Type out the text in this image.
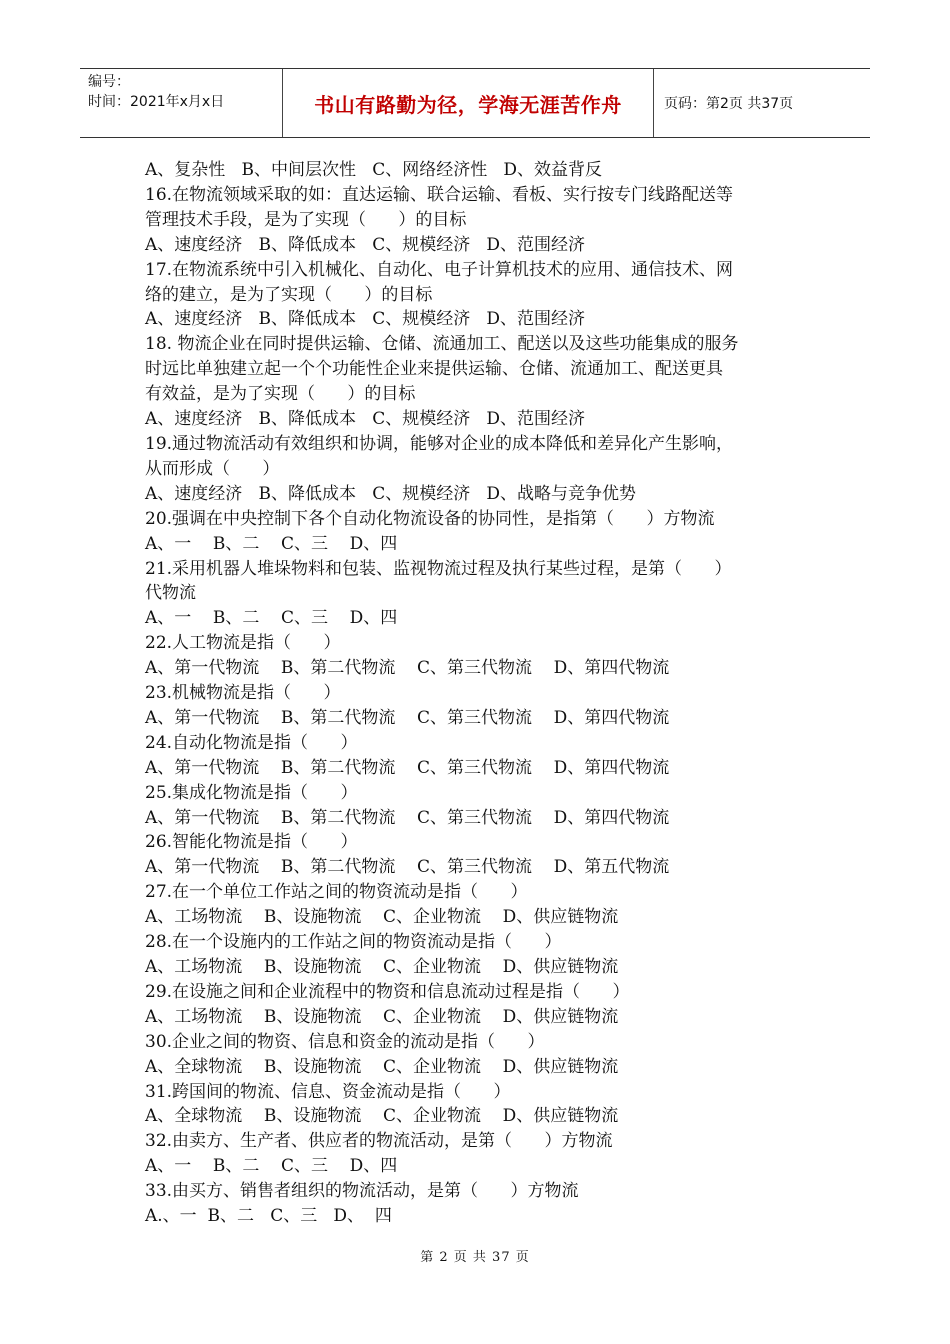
编号：
时间：2021年x月x日	书山有路勤为径，学海无涯苦作舟	页码：第2页 共37页
A、复杂性   B、中间层次性   C、网络经济性   D、效益背反
16.在物流领域采取的如：直达运输、联合运输、看板、实行按专门线路配送等
管理技术手段，是为了实现（      ）的目标
A、速度经济   B、降低成本   C、规模经济   D、范围经济
17.在物流系统中引入机械化、自动化、电子计算机技术的应用、通信技术、网
络的建立，是为了实现（      ）的目标
A、速度经济   B、降低成本   C、规模经济   D、范围经济
18. 物流企业在同时提供运输、仓储、流通加工、配送以及这些功能集成的服务
时远比单独建立起一个个功能性企业来提供运输、仓储、流通加工、配送更具
有效益，是为了实现（      ）的目标
A、速度经济   B、降低成本   C、规模经济   D、范围经济
19.通过物流活动有效组织和协调，能够对企业的成本降低和差异化产生影响，
从而形成（      ）
A、速度经济   B、降低成本   C、规模经济   D、战略与竞争优势
20.强调在中央控制下各个自动化物流设备的协同性，是指第（      ）方物流
A、一    B、二    C、三    D、四
21.采用机器人堆垛物料和包装、监视物流过程及执行某些过程，是第（      ）
代物流
A、一    B、二    C、三    D、四
22.人工物流是指（      ）
A、第一代物流    B、第二代物流    C、第三代物流    D、第四代物流
23.机械物流是指（      ）
A、第一代物流    B、第二代物流    C、第三代物流    D、第四代物流
24.自动化物流是指（      ）
A、第一代物流    B、第二代物流    C、第三代物流    D、第四代物流
25.集成化物流是指（      ）
A、第一代物流    B、第二代物流    C、第三代物流    D、第四代物流
26.智能化物流是指（      ）
A、第一代物流    B、第二代物流    C、第三代物流    D、第五代物流
27.在一个单位工作站之间的物资流动是指（      ）
A、工场物流    B、设施物流    C、企业物流    D、供应链物流
28.在一个设施内的工作站之间的物资流动是指（      ）
A、工场物流    B、设施物流    C、企业物流    D、供应链物流
29.在设施之间和企业流程中的物资和信息流动过程是指（      ）
A、工场物流    B、设施物流    C、企业物流    D、供应链物流
30.企业之间的物资、信息和资金的流动是指（      ）
A、全球物流    B、设施物流    C、企业物流    D、供应链物流
31.跨国间的物流、信息、资金流动是指（      ）
A、全球物流    B、设施物流    C、企业物流    D、供应链物流
32.由卖方、生产者、供应者的物流活动，是第（      ）方物流
A、一    B、二    C、三    D、四
33.由买方、销售者组织的物流活动，是第（      ）方物流
A.、一  B、二   C、三   D、  四
第 2 页 共 37 页
